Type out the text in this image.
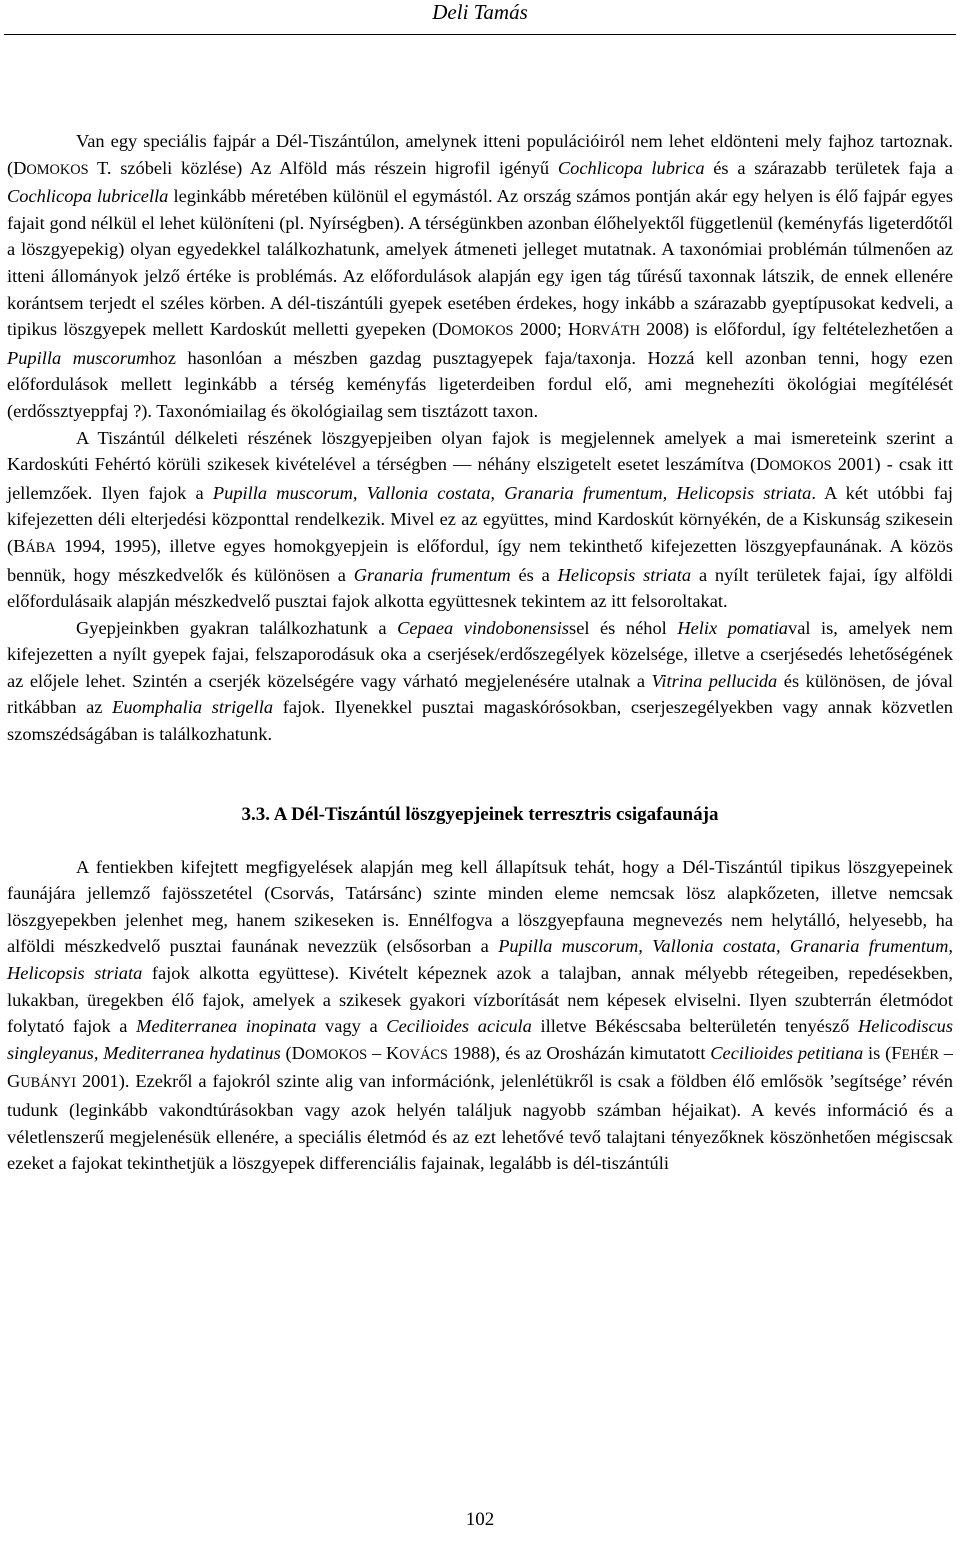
Deli Tamás

Van egy speciális fajpár a Dél-Tiszántúlon, amelynek itteni populációiról nem lehet eldönteni mely fajhoz tartoznak. (DOMOKOS T. szóbeli közlése) Az Alföld más részein higrofil igényű Cochlicopa lubrica és a szárazabb területek faja a Cochlicopa lubricella leginkább méretében különül el egymástól. Az ország számos pontján akár egy helyen is élő fajpár egyes fajait gond nélkül el lehet különíteni (pl. Nyírségben). A térségünkben azonban élőhelyektől függetlenül (keményfás ligeterdőtől a löszgyepekig) olyan egyedekkel találkozhatunk, amelyek átmeneti jelleget mutatnak. A taxonómiai problémán túlmenően az itteni állományok jelző értéke is problémás. Az előfordulások alapján egy igen tág tűrésű taxonnak látszik, de ennek ellenére korántsem terjedt el széles körben. A dél-tiszántúli gyepek esetében érdekes, hogy inkább a szárazabb gyeptípusokat kedveli, a tipikus löszgyepek mellett Kardoskút melletti gyepeken (DOMOKOS 2000; HORVÁTH 2008) is előfordul, így feltételezhetően a Pupilla muscorumhoz hasonlóan a mészben gazdag pusztagyepek faja/taxonja. Hozzá kell azonban tenni, hogy ezen előfordulások mellett leginkább a térség keményfás ligeterdeiben fordul elő, ami megnehezíti ökológiai megítélését (erdőssztyeppfaj ?). Taxonómiailag és ökológiailag sem tisztázott taxon.

A Tiszántúl délkeleti részének löszgyepjeiben olyan fajok is megjelennek amelyek a mai ismereteink szerint a Kardoskúti Fehértó körüli szikesek kivételével a térségben — néhány elszigetelt esetet leszámítva (DOMOKOS 2001) - csak itt jellemzőek. Ilyen fajok a Pupilla muscorum, Vallonia costata, Granaria frumentum, Helicopsis striata. A két utóbbi faj kifejezetten déli elterjedési központtal rendelkezik. Mivel ez az együttes, mind Kardoskút környékén, de a Kiskunság szikesein (BÁBA 1994, 1995), illetve egyes homokgyepjein is előfordul, így nem tekinthető kifejezetten löszgyepfaunának. A közös bennük, hogy mészkedvelők és különösen a Granaria frumentum és a Helicopsis striata a nyílt területek fajai, így alföldi előfordulásaik alapján mészkedvelő pusztai fajok alkotta együttesnek tekintem az itt felsoroltakat.

Gyepjeinkben gyakran találkozhatunk a Cepaea vindobonensissel és néhol Helix pomatiaval is, amelyek nem kifejezetten a nyílt gyepek fajai, felszaporodásuk oka a cserjések/erdőszegélyek közelsége, illetve a cserjésedés lehetőségének az előjele lehet. Szintén a cserjék közelségére vagy várható megjelenésére utalnak a Vitrina pellucida és különösen, de jóval ritkábban az Euomphalia strigella fajok. Ilyenekkel pusztai magaskórósokban, cserjeszegélyekben vagy annak közvetlen szomszédságában is találkozhatunk.

3.3. A Dél-Tiszántúl löszgyepjeinek terresztris csigafaunája

A fentiekben kifejtett megfigyelések alapján meg kell állapítsuk tehát, hogy a Dél-Tiszántúl tipikus löszgyepeinek faunájára jellemző fajösszetétel (Csorvás, Tatársánc) szinte minden eleme nemcsak lösz alapkőzeten, illetve nemcsak löszgyepekben jelenhet meg, hanem szikeseken is. Ennélfogva a löszgyepfauna megnevezés nem helytálló, helyesebb, ha alföldi mészkedvelő pusztai faunának nevezzük (elsősorban a Pupilla muscorum, Vallonia costata, Granaria frumentum, Helicopsis striata fajok alkotta együttese). Kivételt képeznek azok a talajban, annak mélyebb rétegeiben, repedésekben, lukakban, üregekben élő fajok, amelyek a szikesek gyakori vízborítását nem képesek elviselni. Ilyen szubterrán életmódot folytató fajok a Mediterranea inopinata vagy a Cecilioides acicula illetve Békéscsaba belterületén tenyésző Helicodiscus singleyanus, Mediterranea hydatinus (DOMOKOS – KOVÁCS 1988), és az Orosházán kimutatott Cecilioides petitiana is (FEHÉR – GUBÁNYI 2001). Ezekről a fajokról szinte alig van információnk, jelenlétükről is csak a földben élő emlősök ’segítsége’ révén tudunk (leginkább vakondtúrásokban vagy azok helyén találjuk nagyobb számban héjaikat). A kevés információ és a véletlenszerű megjelenésük ellenére, a speciális életmód és az ezt lehetővé tevő talajtani tényezőknek köszönhetően mégiscsak ezeket a fajokat tekinthetjük a löszgyepek differenciális fajainak, legalább is dél-tiszántúli

102
